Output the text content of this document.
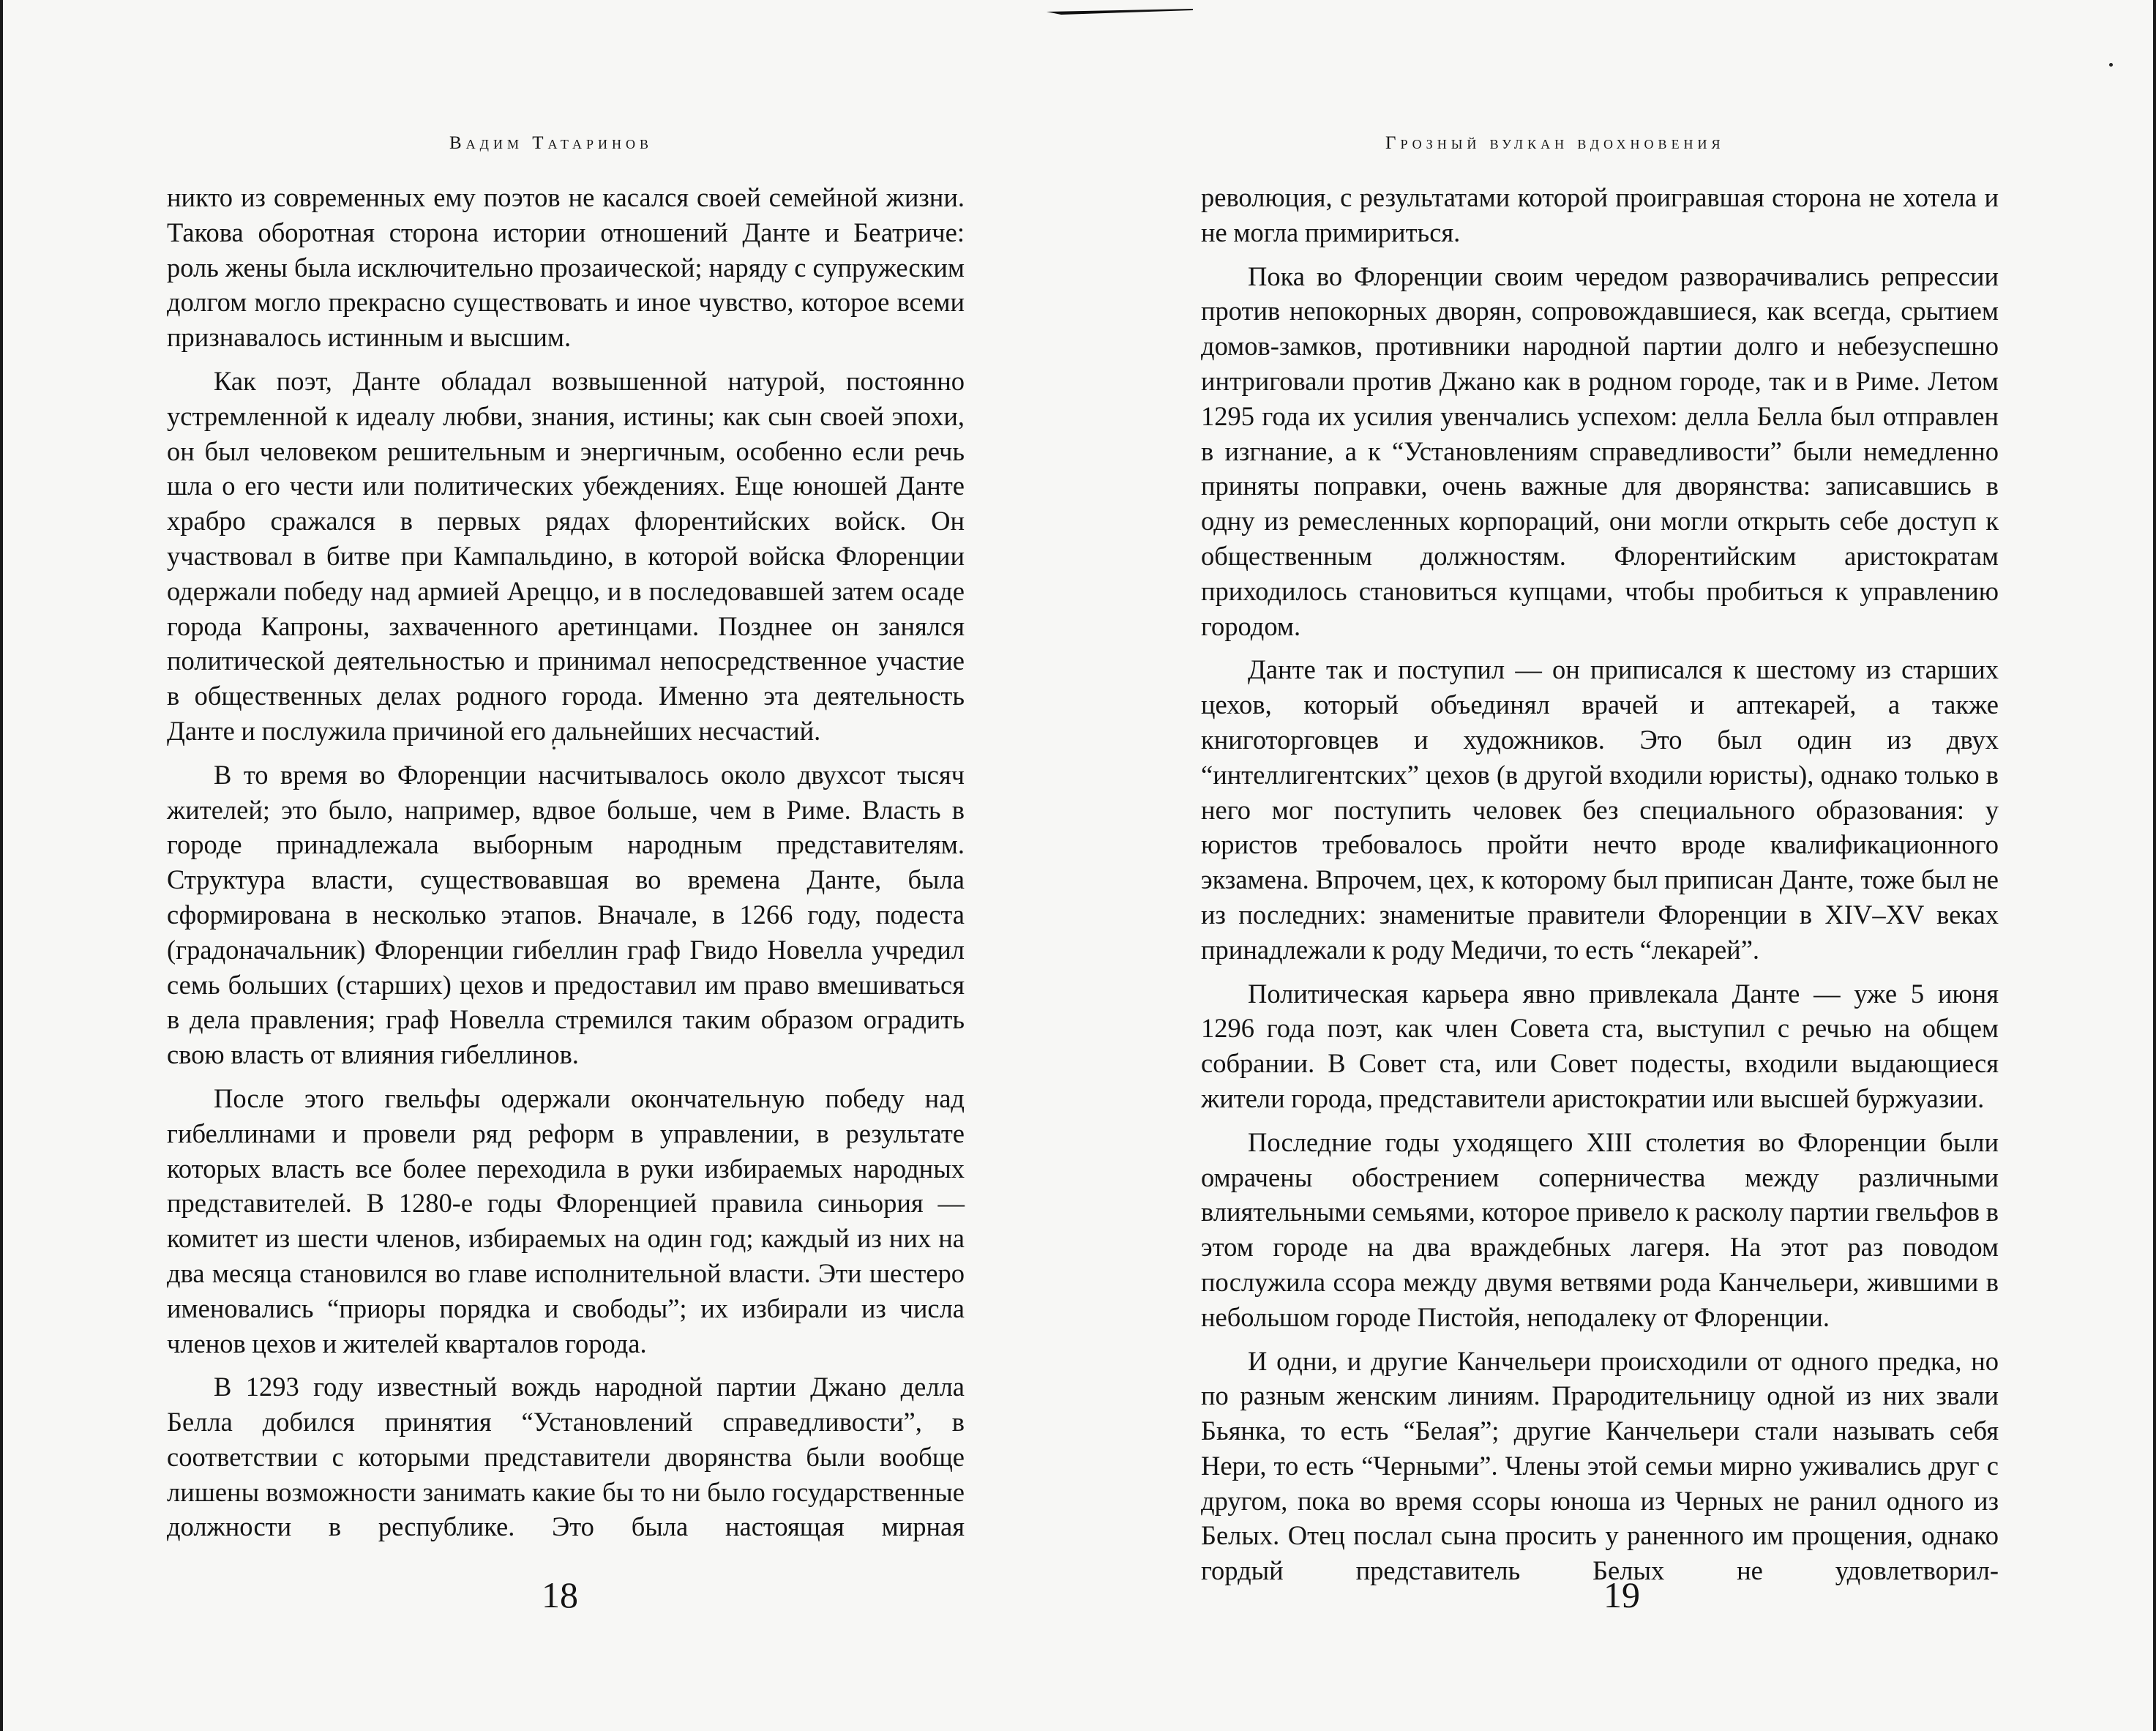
Вадим Татаринов

никто из современных ему поэтов не касался своей семейной жизни. Такова оборотная сторона истории отношений Данте и Беатриче: роль жены была исключительно прозаической; наряду с супружеским долгом могло прекрасно существовать и иное чувство, которое всеми признавалось истинным и высшим.

Как поэт, Данте обладал возвышенной натурой, постоянно устремленной к идеалу любви, знания, истины; как сын своей эпохи, он был человеком решительным и энергичным, особенно если речь шла о его чести или политических убеждениях. Еще юношей Данте храбро сражался в первых рядах флорентийских войск. Он участвовал в битве при Кампальдино, в которой войска Флоренции одержали победу над армией Ареццо, и в последовавшей затем осаде города Капроны, захваченного аретинцами. Позднее он занялся политической деятельностью и принимал непосредственное участие в общественных делах родного города. Именно эта деятельность Данте и послужила причиной его дальнейших несчастий.

В то время во Флоренции насчитывалось около двухсот тысяч жителей; это было, например, вдвое больше, чем в Риме. Власть в городе принадлежала выборным народным представителям. Структура власти, существовавшая во времена Данте, была сформирована в несколько этапов. Вначале, в 1266 году, подеста (градоначальник) Флоренции гибеллин граф Гвидо Новелла учредил семь больших (старших) цехов и предоставил им право вмешиваться в дела правления; граф Новелла стремился таким образом оградить свою власть от влияния гибеллинов.

После этого гвельфы одержали окончательную победу над гибеллинами и провели ряд реформ в управлении, в результате которых власть все более переходила в руки избираемых народных представителей. В 1280-е годы Флоренцией правила синьория — комитет из шести членов, избираемых на один год; каждый из них на два месяца становился во главе исполнительной власти. Эти шестеро именовались “приоры порядка и свободы”; их избирали из числа членов цехов и жителей кварталов города.

В 1293 году известный вождь народной партии Джано делла Белла добился принятия “Установлений справедливости”, в соответствии с которыми представители дворянства были вообще лишены возможности занимать какие бы то ни было государственные должности в республике. Это была настоящая мирная

18
Грозный вулкан вдохновения

революция, с результатами которой проигравшая сторона не хотела и не могла примириться.

Пока во Флоренции своим чередом разворачивались репрессии против непокорных дворян, сопровождавшиеся, как всегда, срытием домов-замков, противники народной партии долго и небезуспешно интриговали против Джано как в родном городе, так и в Риме. Летом 1295 года их усилия увенчались успехом: делла Белла был отправлен в изгнание, а к “Установлениям справедливости” были немедленно приняты поправки, очень важные для дворянства: записавшись в одну из ремесленных корпораций, они могли открыть себе доступ к общественным должностям. Флорентийским аристократам приходилось становиться купцами, чтобы пробиться к управлению городом.

Данте так и поступил — он приписался к шестому из старших цехов, который объединял врачей и аптекарей, а также книготорговцев и художников. Это был один из двух “интеллигентских” цехов (в другой входили юристы), однако только в него мог поступить человек без специального образования: у юристов требовалось пройти нечто вроде квалификационного экзамена. Впрочем, цех, к которому был приписан Данте, тоже был не из последних: знаменитые правители Флоренции в XIV–XV веках принадлежали к роду Медичи, то есть “лекарей”.

Политическая карьера явно привлекала Данте — уже 5 июня 1296 года поэт, как член Совета ста, выступил с речью на общем собрании. В Совет ста, или Совет подесты, входили выдающиеся жители города, представители аристократии или высшей буржуазии.

Последние годы уходящего XIII столетия во Флоренции были омрачены обострением соперничества между различными влиятельными семьями, которое привело к расколу партии гвельфов в этом городе на два враждебных лагеря. На этот раз поводом послужила ссора между двумя ветвями рода Канчельери, жившими в небольшом городе Пистойя, неподалеку от Флоренции.

И одни, и другие Канчельери происходили от одного предка, но по разным женским линиям. Прародительницу одной из них звали Бьянка, то есть “Белая”; другие Канчельери стали называть себя Нери, то есть “Черными”. Члены этой семьи мирно уживались друг с другом, пока во время ссоры юноша из Черных не ранил одного из Белых. Отец послал сына просить у раненного им прощения, однако гордый представитель Белых не удовлетворил-

19
